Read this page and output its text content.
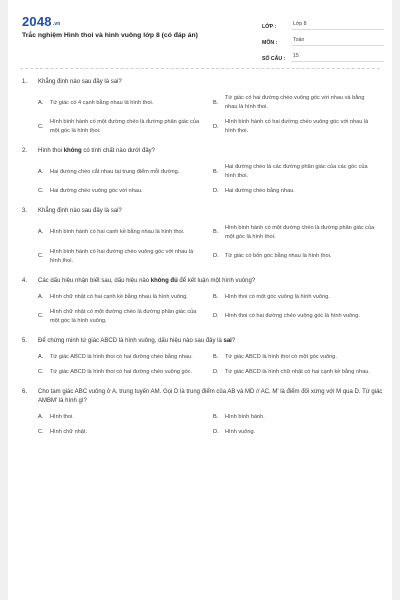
2048.vn
Trắc nghiệm Hình thoi và hình vuông lớp 8 (có đáp án)
LỚP :	Lớp 8
MÔN :	Toán
SỐ CÂU :	15
1.	Khẳng định nào sau đây là sai?
A.	Tứ giác có 4 cạnh bằng nhau là hình thoi.	B.
Tứ giác có hai đường chéo vuông góc với nhau và bằng nhau là hình thoi.
C.
Hình bình hành có một đường chéo là đường phân giác của một góc là hình thoi.
D.
Hình bình hành có hai đường chéo vuông góc với nhau là hình thoi.
2.	Hình thoi không có tính chất nào dưới đây?
A.	Hai đường chéo cắt nhau tại trung điểm mỗi đường.	B.
Hai đường chéo là các đường phân giác của các góc của hình thoi.
C.	Hai đường chéo vuông góc với nhau.	D.	Hai đường chéo bằng nhau.
3.	Khẳng định nào sau đây là sai?
A.	Hình bình hành có hai cạnh kề bằng nhau là hình thoi.	B.
Hình bình hành có một đường chéo là đường phân giác của một góc là hình thoi.
C.
Hình bình hành có hai đường chéo vuông góc với nhau là hình thoi.
D.	Tứ giác có bốn góc bằng nhau là hình thoi.
4.	Các dấu hiệu nhận biết sau, dấu hiệu nào không đủ để kết luận một hình vuông?
A.	Hình chữ nhật có hai cạnh kề bằng nhau là hình vuông.	B.	Hình thoi có một góc vuông là hình vuông.
C.
Hình chữ nhật có một đường chéo là đường phân giác của một góc là hình vuông.
D.	Hình thoi có hai đường chéo vuông góc là hình vuông.
5.	Để chứng minh tứ giác ABCD là hình vuông, dấu hiệu nào sau đây là sai?
A.	Tứ giác ABCD là hình thoi có hai đường chéo bằng nhau.	B.	Tứ giác ABCD là hình thoi có một góc vuông.
C.	Tứ giác ABCD là hình thoi có hai đường chéo vuông góc.	D.	Tứ giác ABCD là hình chữ nhật có hai cạnh kề bằng nhau.
6.	Cho tam giác ABC vuông ở A, trung tuyến AM. Gọi D là trung điểm của AB và MD // AC, M' là điểm đối xứng với M qua D. Tứ giác AMBM' là hình gì?
A.	Hình thoi.	B.	Hình bình hành.
C.	Hình chữ nhật.	D.	Hình vuông.
